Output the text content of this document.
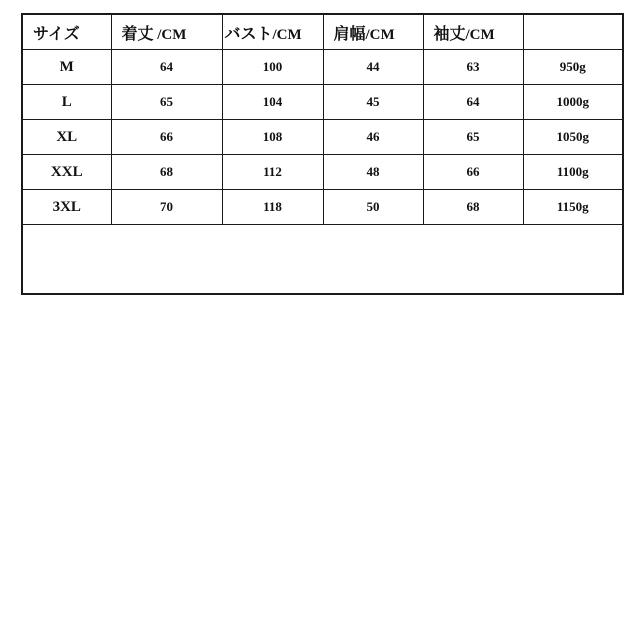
サイズ	着丈 /CM	バスト/CM	肩幅/CM	袖丈/CM	
M	64	100	44	63	950g
L	65	104	45	64	1000g
XL	66	108	46	65	1050g
XXL	68	112	48	66	1100g
3XL	70	118	50	68	1150g
